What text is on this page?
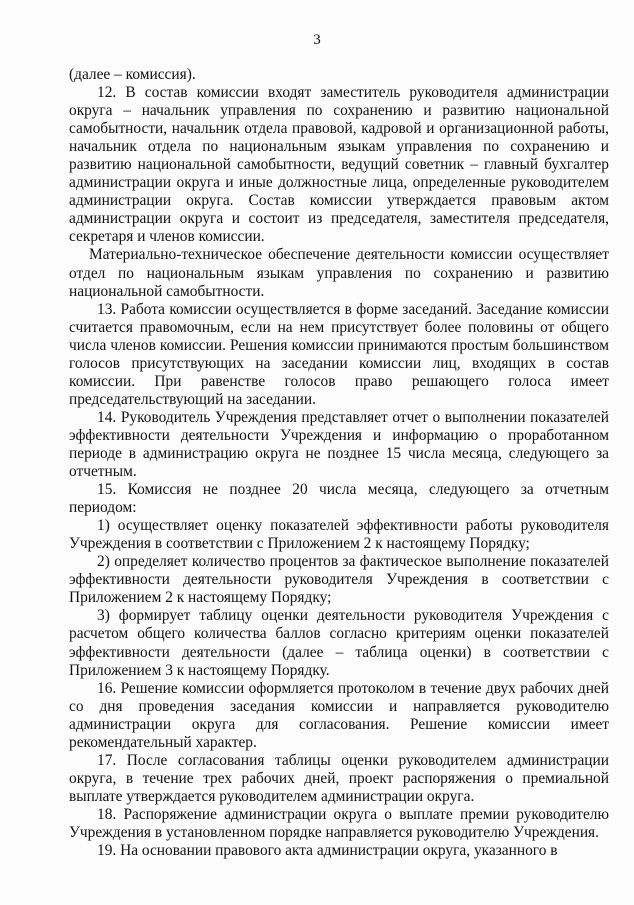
3

(далее – комиссия).

12. В состав комиссии входят заместитель руководителя администрации округа – начальник управления по сохранению и развитию национальной самобытности, начальник отдела правовой, кадровой и организационной работы, начальник отдела по национальным языкам управления по сохранению и развитию национальной самобытности, ведущий советник – главный бухгалтер администрации округа и иные должностные лица, определенные руководителем администрации округа. Состав комиссии утверждается правовым актом администрации округа и состоит из председателя, заместителя председателя, секретаря и членов комиссии.

Материально-техническое обеспечение деятельности комиссии осуществляет отдел по национальным языкам управления по сохранению и развитию национальной самобытности.

13. Работа комиссии осуществляется в форме заседаний. Заседание комиссии считается правомочным, если на нем присутствует более половины от общего числа членов комиссии. Решения комиссии принимаются простым большинством голосов присутствующих на заседании комиссии лиц, входящих в состав комиссии. При равенстве голосов право решающего голоса имеет председательствующий на заседании.

14. Руководитель Учреждения представляет отчет о выполнении показателей эффективности деятельности Учреждения и информацию о проработанном периоде в администрацию округа не позднее 15 числа месяца, следующего за отчетным.

15. Комиссия не позднее 20 числа месяца, следующего за отчетным периодом:

1) осуществляет оценку показателей эффективности работы руководителя Учреждения в соответствии с Приложением 2 к настоящему Порядку;

2) определяет количество процентов за фактическое выполнение показателей эффективности деятельности руководителя Учреждения в соответствии с Приложением 2 к настоящему Порядку;

3) формирует таблицу оценки деятельности руководителя Учреждения с расчетом общего количества баллов согласно критериям оценки показателей эффективности деятельности (далее – таблица оценки) в соответствии с Приложением 3 к настоящему Порядку.

16. Решение комиссии оформляется протоколом в течение двух рабочих дней со дня проведения заседания комиссии и направляется руководителю администрации округа для согласования. Решение комиссии имеет рекомендательный характер.

17. После согласования таблицы оценки руководителем администрации округа, в течение трех рабочих дней, проект распоряжения о премиальной выплате утверждается руководителем администрации округа.

18. Распоряжение администрации округа о выплате премии руководителю Учреждения в установленном порядке направляется руководителю Учреждения.

19. На основании правового акта администрации округа, указанного в
